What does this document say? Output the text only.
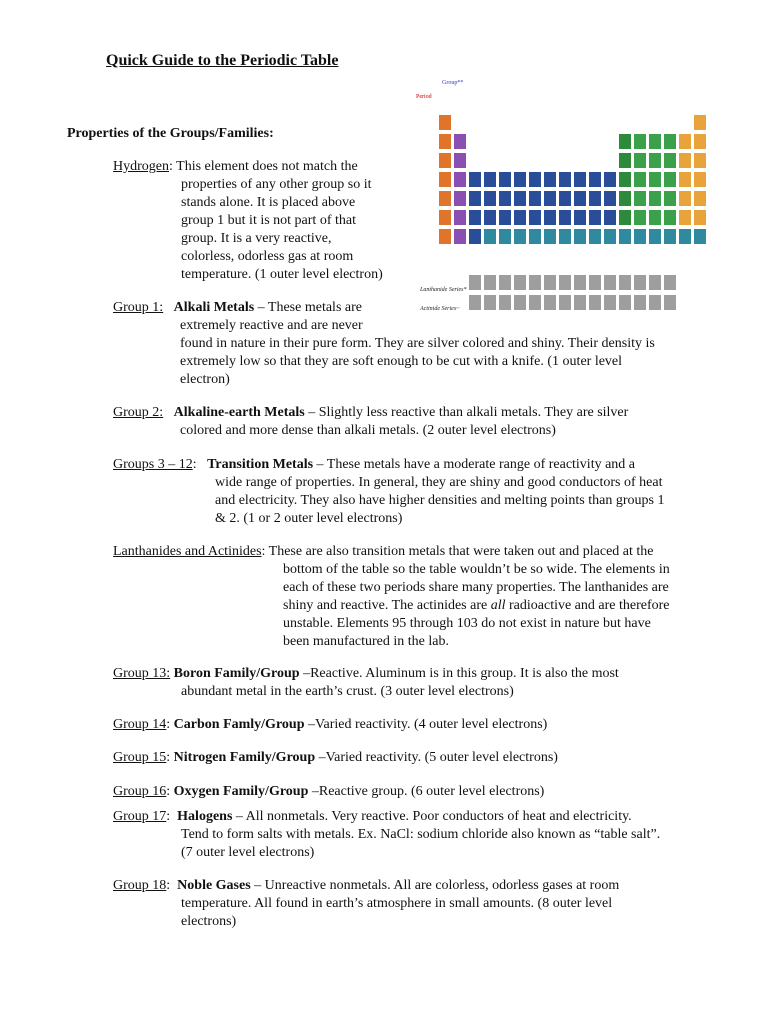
Quick Guide to the Periodic Table
Group**
Period
Lanthanide Series*
Actinide Series~
Properties of the Groups/Families:
Hydrogen: This element does not match the
properties of any other group so it
stands alone. It is placed above
group 1 but it is not part of that
group. It is a very reactive,
colorless, odorless gas at room
temperature. (1 outer level electron)
Group 1: Alkali Metals – These metals are
extremely reactive and are never
found in nature in their pure form. They are silver colored and shiny. Their density is
extremely low so that they are soft enough to be cut with a knife. (1 outer level
electron)
Group 2: Alkaline-earth Metals – Slightly less reactive than alkali metals. They are silver
colored and more dense than alkali metals. (2 outer level electrons)
Groups 3 – 12: Transition Metals – These metals have a moderate range of reactivity and a
wide range of properties. In general, they are shiny and good conductors of heat
and electricity. They also have higher densities and melting points than groups 1
& 2. (1 or 2 outer level electrons)
Lanthanides and Actinides: These are also transition metals that were taken out and placed at the
bottom of the table so the table wouldn’t be so wide. The elements in
each of these two periods share many properties. The lanthanides are
shiny and reactive. The actinides are all radioactive and are therefore
unstable. Elements 95 through 103 do not exist in nature but have
been manufactured in the lab.
Group 13: Boron Family/Group –Reactive. Aluminum is in this group. It is also the most
abundant metal in the earth’s crust. (3 outer level electrons)
Group 14: Carbon Famly/Group –Varied reactivity. (4 outer level electrons)
Group 15: Nitrogen Family/Group –Varied reactivity. (5 outer level electrons)
Group 16: Oxygen Family/Group –Reactive group. (6 outer level electrons)
Group 17: Halogens – All nonmetals. Very reactive. Poor conductors of heat and electricity.
Tend to form salts with metals. Ex. NaCl: sodium chloride also known as “table salt”.
(7 outer level electrons)
Group 18: Noble Gases – Unreactive nonmetals. All are colorless, odorless gases at room
temperature. All found in earth’s atmosphere in small amounts. (8 outer level
electrons)
